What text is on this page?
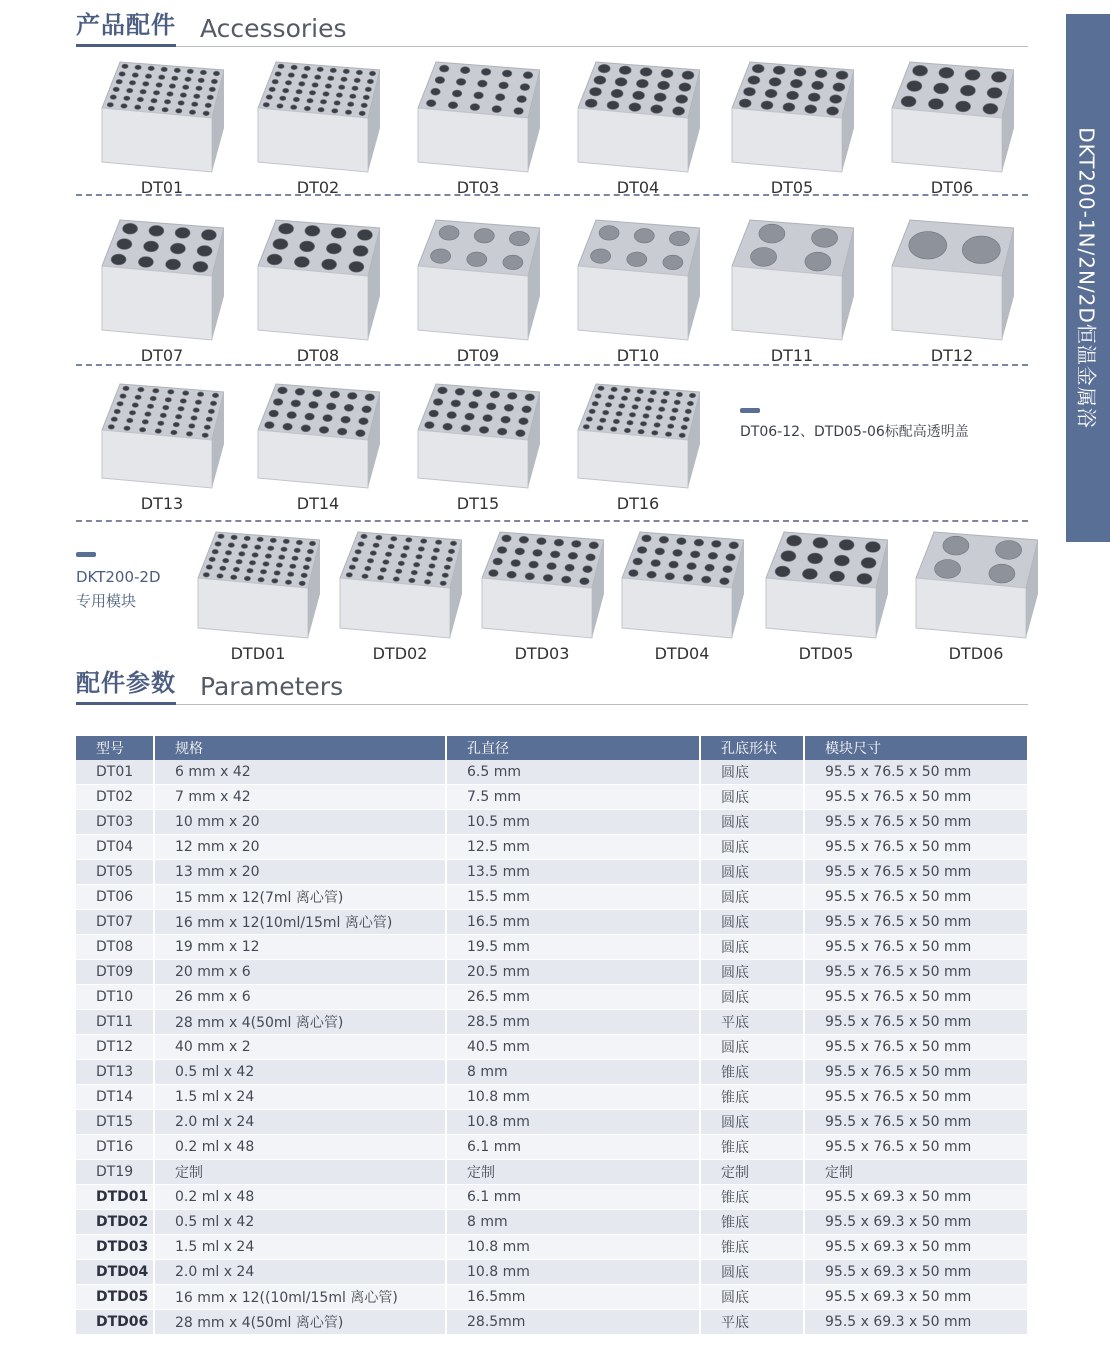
产品配件 Accessories
DKT200-1N/2N/2D恒温金属浴
DT01	DT02	DT03	DT04	DT05	DT06
DT07	DT08	DT09	DT10	DT11	DT12
DT13	DT14	DT15	DT16
DTD01	DTD02	DTD03	DTD04	DTD05	DTD06
DT06-12、DTD05-06标配高透明盖
DKT200-2D
专用模块
配件参数 Parameters
型号	规格	孔直径	孔底形状	模块尺寸
DT01	6 mm x 42	6.5 mm	圆底	95.5 x 76.5 x 50 mm
DT02	7 mm x 42	7.5 mm	圆底	95.5 x 76.5 x 50 mm
DT03	10 mm x 20	10.5 mm	圆底	95.5 x 76.5 x 50 mm
DT04	12 mm x 20	12.5 mm	圆底	95.5 x 76.5 x 50 mm
DT05	13 mm x 20	13.5 mm	圆底	95.5 x 76.5 x 50 mm
DT06	15 mm x 12(7ml 离心管)	15.5 mm	圆底	95.5 x 76.5 x 50 mm
DT07	16 mm x 12(10ml/15ml 离心管)	16.5 mm	圆底	95.5 x 76.5 x 50 mm
DT08	19 mm x 12	19.5 mm	圆底	95.5 x 76.5 x 50 mm
DT09	20 mm x 6	20.5 mm	圆底	95.5 x 76.5 x 50 mm
DT10	26 mm x 6	26.5 mm	圆底	95.5 x 76.5 x 50 mm
DT11	28 mm x 4(50ml 离心管)	28.5 mm	平底	95.5 x 76.5 x 50 mm
DT12	40 mm x 2	40.5 mm	圆底	95.5 x 76.5 x 50 mm
DT13	0.5 ml x 42	8 mm	锥底	95.5 x 76.5 x 50 mm
DT14	1.5 ml x 24	10.8 mm	锥底	95.5 x 76.5 x 50 mm
DT15	2.0 ml x 24	10.8 mm	圆底	95.5 x 76.5 x 50 mm
DT16	0.2 ml x 48	6.1 mm	锥底	95.5 x 76.5 x 50 mm
DT19	定制	定制	定制	定制
DTD01	0.2 ml x 48	6.1 mm	锥底	95.5 x 69.3 x 50 mm
DTD02	0.5 ml x 42	8 mm	锥底	95.5 x 69.3 x 50 mm
DTD03	1.5 ml x 24	10.8 mm	锥底	95.5 x 69.3 x 50 mm
DTD04	2.0 ml x 24	10.8 mm	圆底	95.5 x 69.3 x 50 mm
DTD05	16 mm x 12((10ml/15ml 离心管)	16.5mm	圆底	95.5 x 69.3 x 50 mm
DTD06	28 mm x 4(50ml 离心管)	28.5mm	平底	95.5 x 69.3 x 50 mm
